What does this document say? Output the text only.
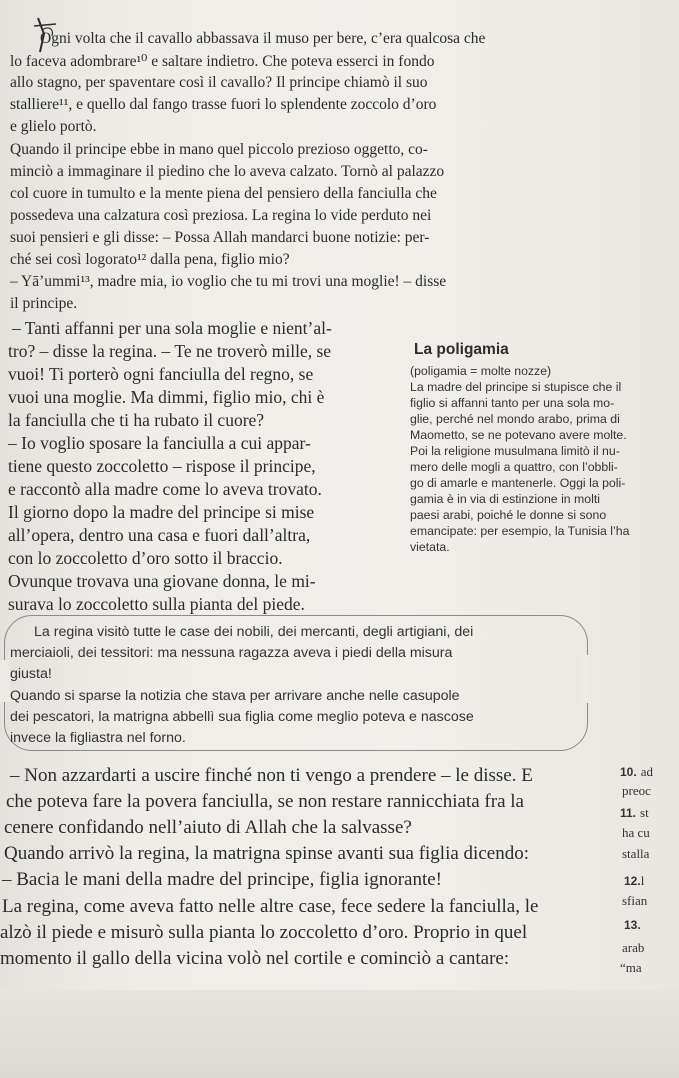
Ogni volta che il cavallo abbassava il muso per bere, c’era qualcosa che
lo faceva adombrare¹⁰ e saltare indietro. Che poteva esserci in fondo
allo stagno, per spaventare così il cavallo? Il principe chiamò il suo
stalliere¹¹, e quello dal fango trasse fuori lo splendente zoccolo d’oro
e glielo portò.
Quando il principe ebbe in mano quel piccolo prezioso oggetto, co-
minciò a immaginare il piedino che lo aveva calzato. Tornò al palazzo
col cuore in tumulto e la mente piena del pensiero della fanciulla che
possedeva una calzatura così preziosa. La regina lo vide perduto nei
suoi pensieri e gli disse: – Possa Allah mandarci buone notizie: per-
ché sei così logorato¹² dalla pena, figlio mio?
– Yā’ummi¹³, madre mia, io voglio che tu mi trovi una moglie! – disse
il principe.
– Tanti affanni per una sola moglie e nient’al-
tro? – disse la regina. – Te ne troverò mille, se
vuoi! Ti porterò ogni fanciulla del regno, se
vuoi una moglie. Ma dimmi, figlio mio, chi è
la fanciulla che ti ha rubato il cuore?
– Io voglio sposare la fanciulla a cui appar-
tiene questo zoccoletto – rispose il principe,
e raccontò alla madre come lo aveva trovato.
Il giorno dopo la madre del principe si mise
all’opera, dentro una casa e fuori dall’altra,
con lo zoccoletto d’oro sotto il braccio.
Ovunque trovava una giovane donna, le mi-
surava lo zoccoletto sulla pianta del piede.
La poligamia
(poligamia = molte nozze)
La madre del principe si stupisce che il
figlio si affanni tanto per una sola mo-
glie, perché nel mondo arabo, prima di
Maometto, se ne potevano avere molte.
Poi la religione musulmana limitò il nu-
mero delle mogli a quattro, con l’obbli-
go di amarle e mantenerle. Oggi la poli-
gamia è in via di estinzione in molti
paesi arabi, poiché le donne si sono
emancipate: per esempio, la Tunisia l’ha
vietata.
La regina visitò tutte le case dei nobili, dei mercanti, degli artigiani, dei
merciaioli, dei tessitori: ma nessuna ragazza aveva i piedi della misura
giusta!
Quando si sparse la notizia che stava per arrivare anche nelle casupole
dei pescatori, la matrigna abbellì sua figlia come meglio poteva e nascose
invece la figliastra nel forno.
– Non azzardarti a uscire finché non ti vengo a prendere – le disse. E
che poteva fare la povera fanciulla, se non restare rannicchiata fra la
cenere confidando nell’aiuto di Allah che la salvasse?
Quando arrivò la regina, la matrigna spinse avanti sua figlia dicendo:
– Bacia le mani della madre del principe, figlia ignorante!
La regina, come aveva fatto nelle altre case, fece sedere la fanciulla, le
alzò il piede e misurò sulla pianta lo zoccoletto d’oro. Proprio in quel
momento il gallo della vicina volò nel cortile e cominciò a cantare:
10. ad
preoc
11. st
ha cu
stalla
12.l
sfian
13.
arab
“ma
